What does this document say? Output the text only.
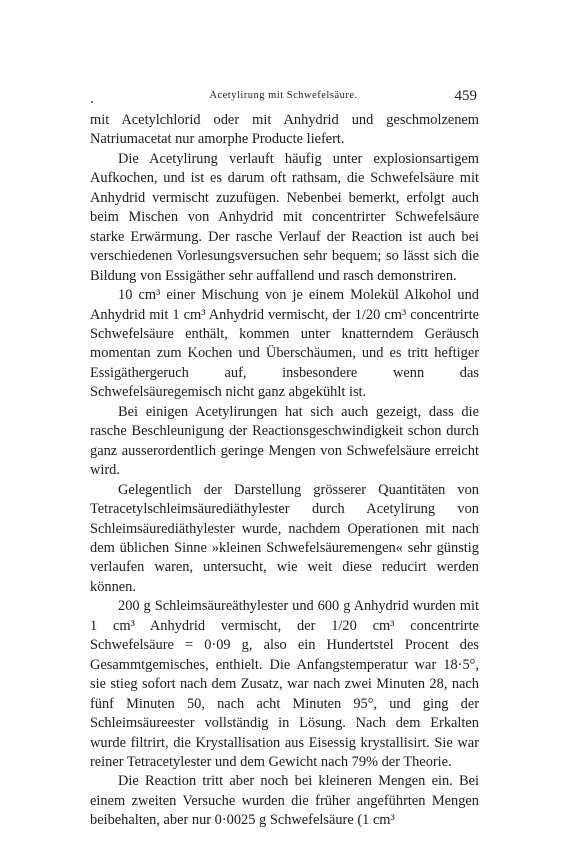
Acetylirung mit Schwefelsäure.	459

mit Acetylchlorid oder mit Anhydrid und geschmolzenem Natriumacetat nur amorphe Producte liefert.

Die Acetylirung verlauft häufig unter explosionsartigem Aufkochen, und ist es darum oft rathsam, die Schwefelsäure mit Anhydrid vermischt zuzufügen. Nebenbei bemerkt, erfolgt auch beim Mischen von Anhydrid mit concentrirter Schwefelsäure starke Erwärmung. Der rasche Verlauf der Reaction ist auch bei verschiedenen Vorlesungsversuchen sehr bequem; so lässt sich die Bildung von Essigäther sehr auffallend und rasch demonstriren.

10 cm³ einer Mischung von je einem Molekül Alkohol und Anhydrid mit 1 cm³ Anhydrid vermischt, der 1/20 cm³ concentrirte Schwefelsäure enthält, kommen unter knatterndem Geräusch momentan zum Kochen und Überschäumen, und es tritt heftiger Essigäthergeruch auf, insbesondere wenn das Schwefelsäuregemisch nicht ganz abgekühlt ist.

Bei einigen Acetylirungen hat sich auch gezeigt, dass die rasche Beschleunigung der Reactionsgeschwindigkeit schon durch ganz ausserordentlich geringe Mengen von Schwefelsäure erreicht wird.

Gelegentlich der Darstellung grösserer Quantitäten von Tetracetylschleimsäurediäthylester durch Acetylirung von Schleimsäurediäthylester wurde, nachdem Operationen mit nach dem üblichen Sinne »kleinen Schwefelsäuremengen« sehr günstig verlaufen waren, untersucht, wie weit diese reducirt werden können.

200 g Schleimsäureäthylester und 600 g Anhydrid wurden mit 1 cm³ Anhydrid vermischt, der 1/20 cm³ concentrirte Schwefelsäure = 0·09 g, also ein Hundertstel Procent des Gesammtgemisches, enthielt. Die Anfangstemperatur war 18·5°, sie stieg sofort nach dem Zusatz, war nach zwei Minuten 28, nach fünf Minuten 50, nach acht Minuten 95°, und ging der Schleimsäureester vollständig in Lösung. Nach dem Erkalten wurde filtrirt, die Krystallisation aus Eisessig krystallisirt. Sie war reiner Tetracetylester und dem Gewicht nach 79% der Theorie.

Die Reaction tritt aber noch bei kleineren Mengen ein. Bei einem zweiten Versuche wurden die früher angeführten Mengen beibehalten, aber nur 0·0025 g Schwefelsäure (1 cm³
